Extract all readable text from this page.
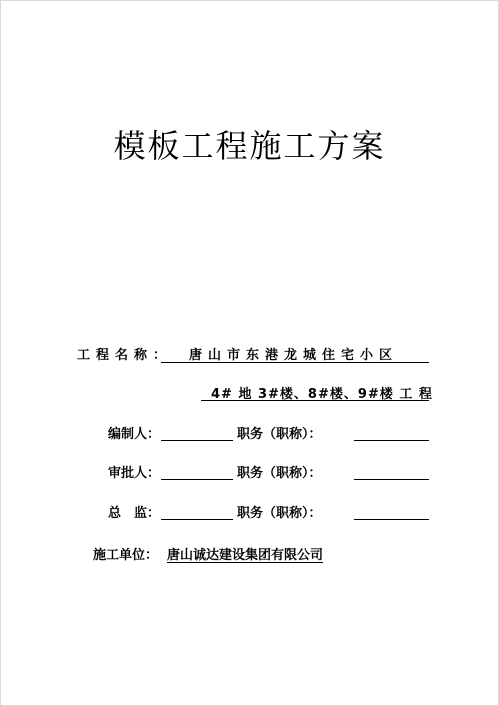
模板工程施工方案
工程名称： 唐山市东港龙城住宅小区
4# 地 3#楼、8#楼、9#楼 工 程
编制人：	职务（职称）：
审批人：	职务（职称）：
总　监：	职务（职称）：
施工单位： 唐山诚达建设集团有限公司
